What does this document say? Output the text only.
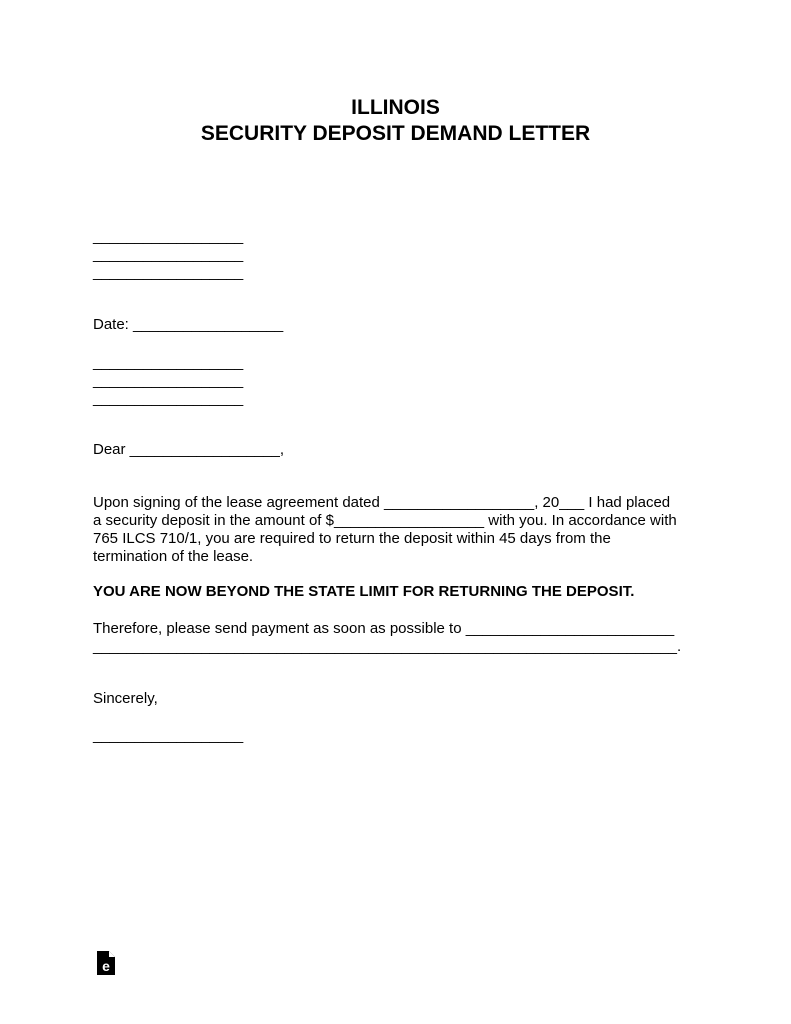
ILLINOIS
SECURITY DEPOSIT DEMAND LETTER
__________________
__________________
__________________
Date: __________________
__________________
__________________
__________________
Dear __________________,
Upon signing of the lease agreement dated __________________, 20___ I had placed
a security deposit in the amount of $__________________ with you. In accordance with
765 ILCS 710/1, you are required to return the deposit within 45 days from the
termination of the lease.
YOU ARE NOW BEYOND THE STATE LIMIT FOR RETURNING THE DEPOSIT.
Therefore, please send payment as soon as possible to _________________________
______________________________________________________________________.
Sincerely,
__________________
e
